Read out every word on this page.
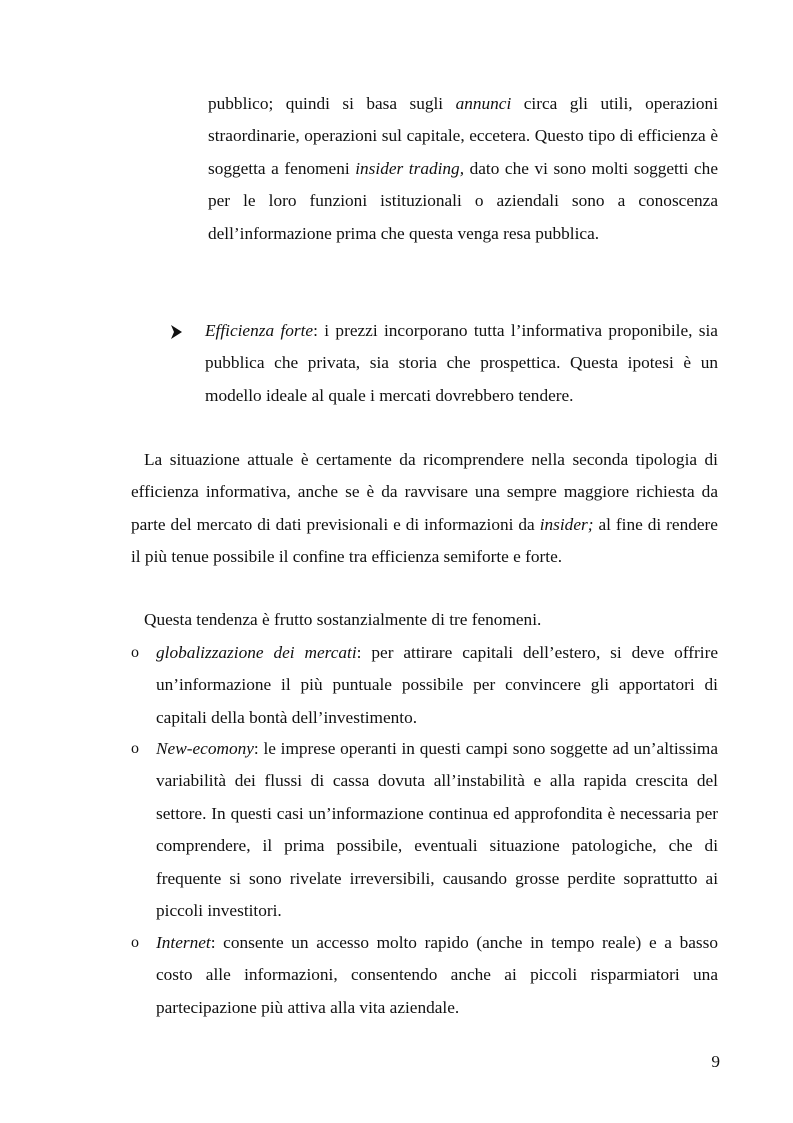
pubblico; quindi si basa sugli annunci circa gli utili, operazioni straordinarie, operazioni sul capitale, eccetera. Questo tipo di efficienza è soggetta a fenomeni insider trading, dato che vi sono molti soggetti che per le loro funzioni istituzionali o aziendali sono a conoscenza dell’informazione prima che questa venga resa pubblica.

Efficienza forte: i prezzi incorporano tutta l’informativa proponibile, sia pubblica che privata, sia storia che prospettica. Questa ipotesi è un modello ideale al quale i mercati dovrebbero tendere.

La situazione attuale è certamente da ricomprendere nella seconda tipologia di efficienza informativa, anche se è da ravvisare una sempre maggiore richiesta da parte del mercato di dati previsionali e di informazioni da insider; al fine di rendere il più tenue possibile il confine tra efficienza semiforte e forte.

Questa tendenza è frutto sostanzialmente di tre fenomeni.

o globalizzazione dei mercati: per attirare capitali dell’estero, si deve offrire un’informazione il più puntuale possibile per convincere gli apportatori di capitali della bontà dell’investimento.

o New-ecomony: le imprese operanti in questi campi sono soggette ad un’altissima variabilità dei flussi di cassa dovuta all’instabilità e alla rapida crescita del settore. In questi casi un’informazione continua ed approfondita è necessaria per comprendere, il prima possibile, eventuali situazione patologiche, che di frequente si sono rivelate irreversibili, causando grosse perdite soprattutto ai piccoli investitori.

o Internet: consente un accesso molto rapido (anche in tempo reale) e a basso costo alle informazioni, consentendo anche ai piccoli risparmiatori una partecipazione più attiva alla vita aziendale.

9
